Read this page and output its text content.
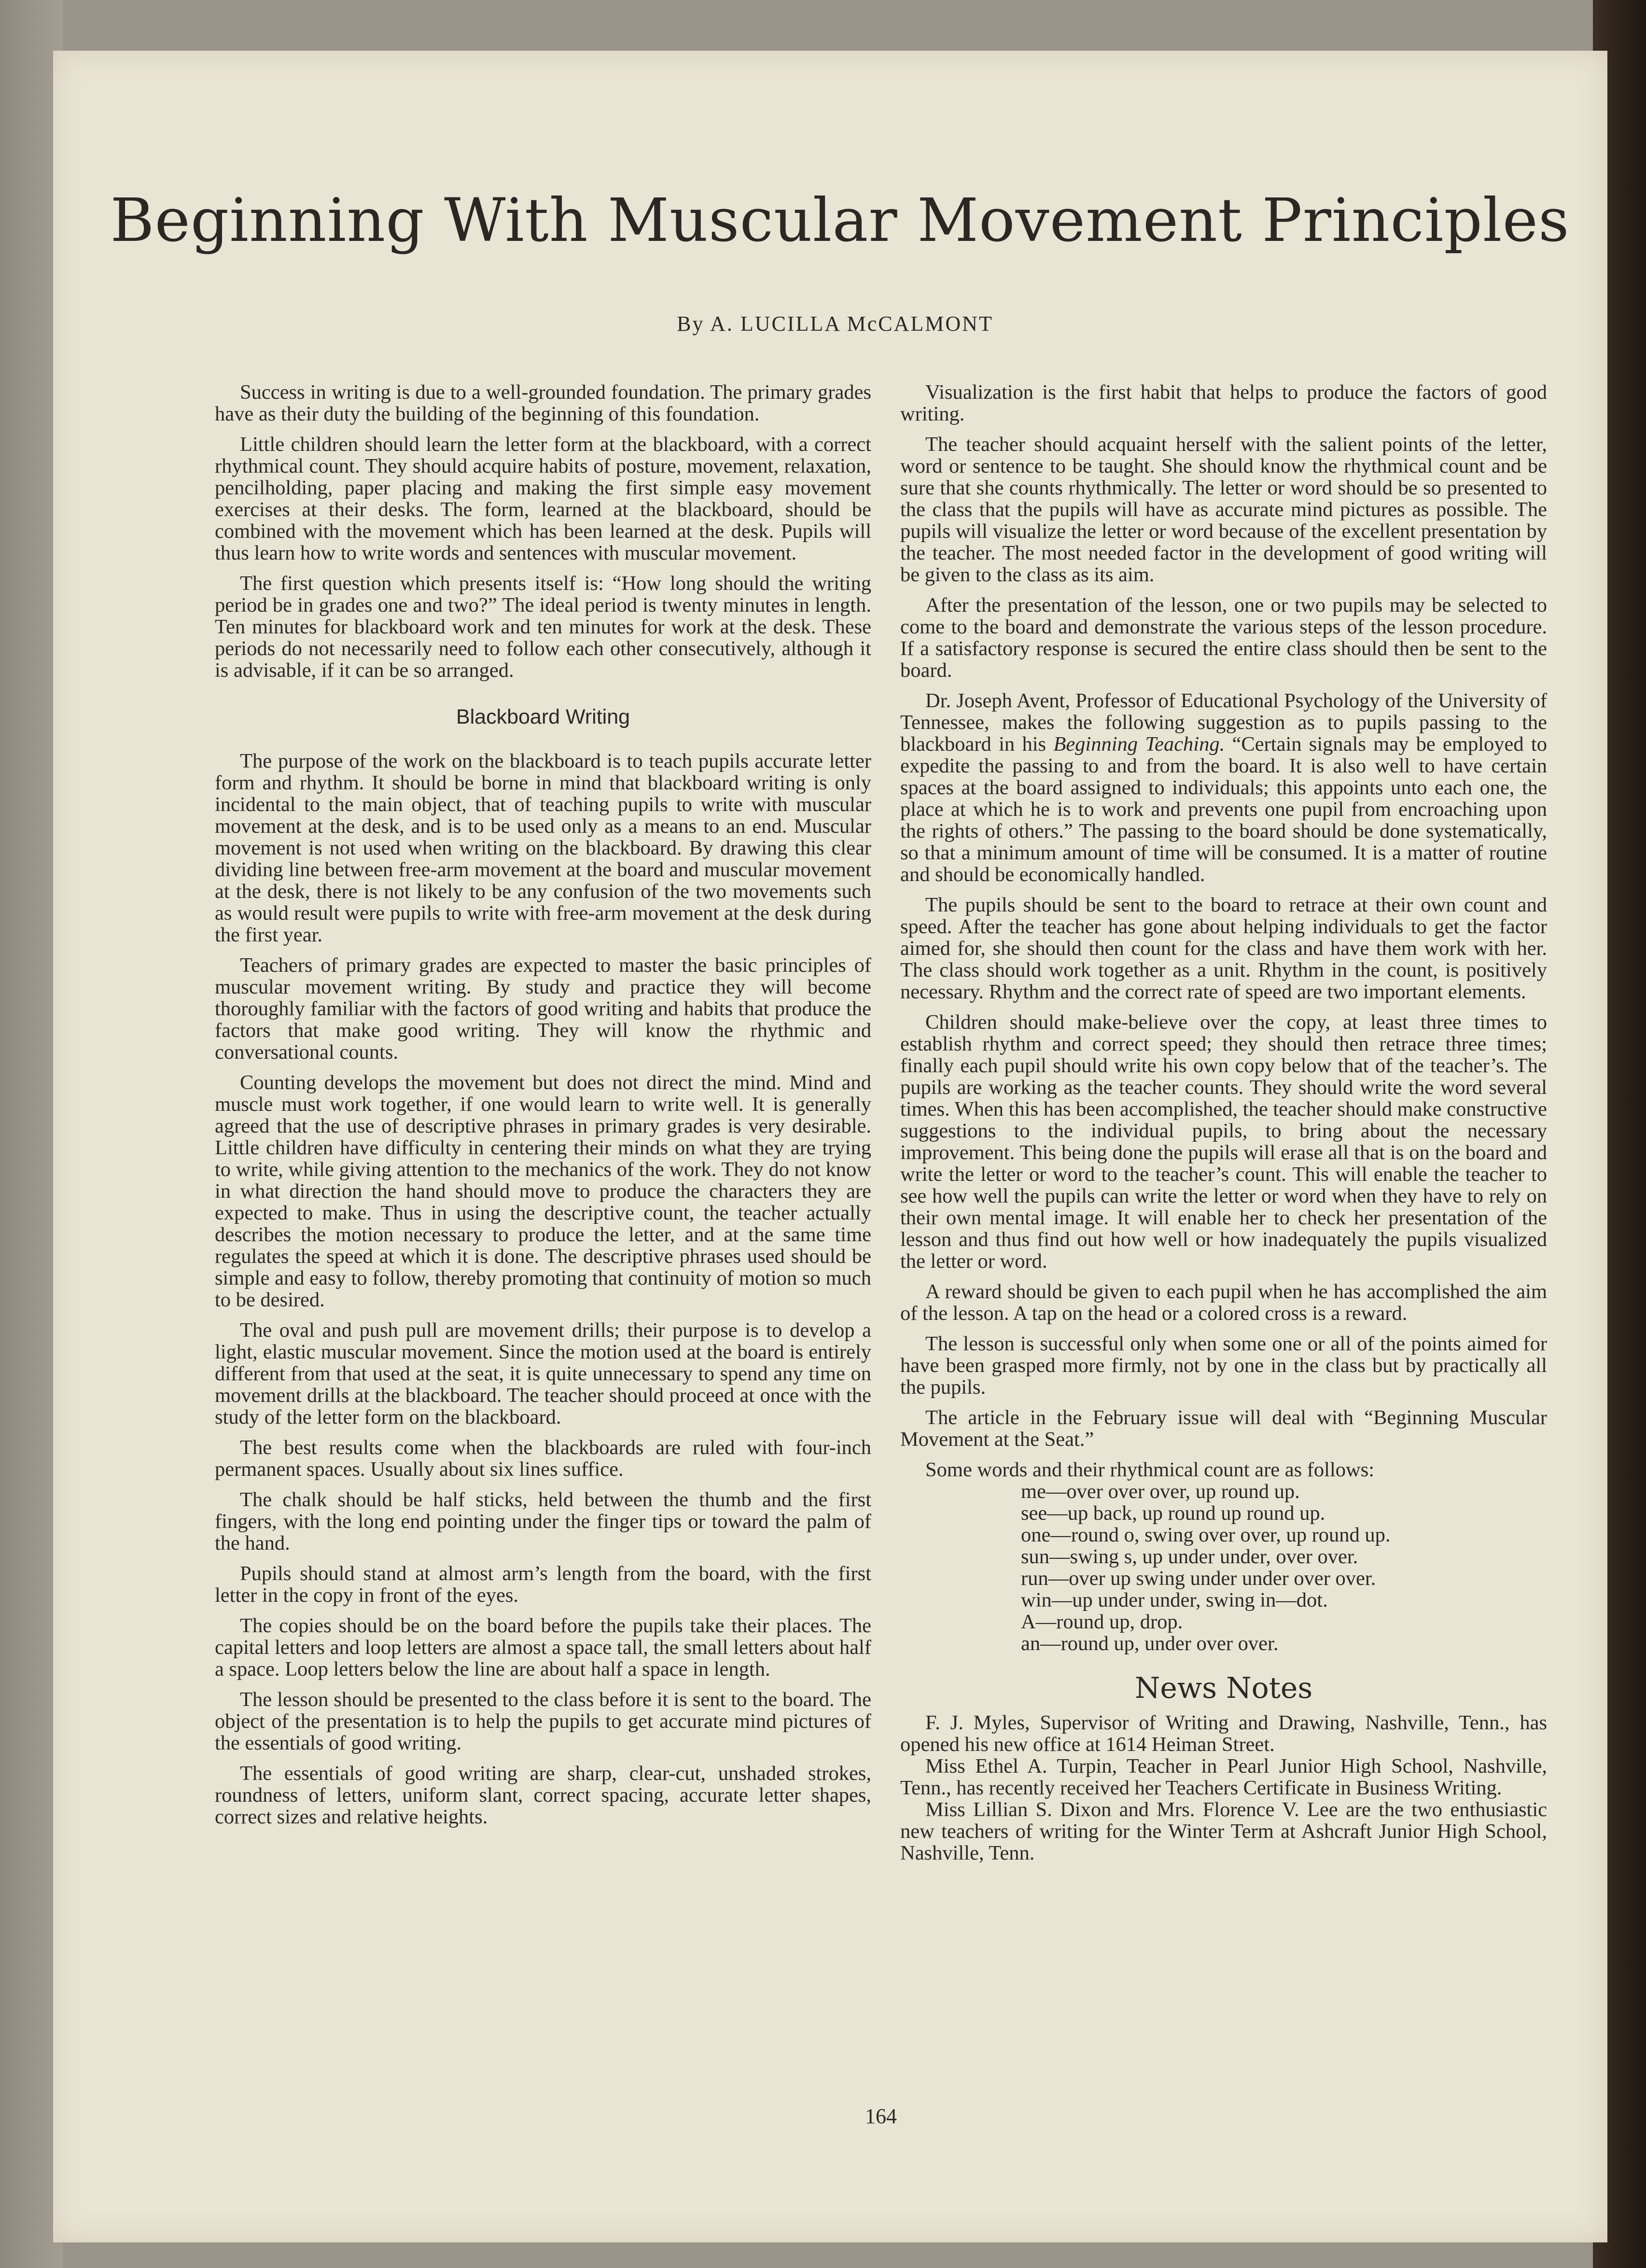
Beginning With Muscular Movement Principles
By A. LUCILLA McCALMONT

Success in writing is due to a well-grounded foundation. The primary grades have as their duty the building of the beginning of this foundation.

Little children should learn the letter form at the blackboard, with a correct rhythmical count. They should acquire habits of posture, movement, relaxation, pencilholding, paper placing and making the first simple easy movement exercises at their desks. The form, learned at the blackboard, should be combined with the movement which has been learned at the desk. Pupils will thus learn how to write words and sentences with muscular movement.

The first question which presents itself is: “How long should the writing period be in grades one and two?” The ideal period is twenty minutes in length. Ten minutes for blackboard work and ten minutes for work at the desk. These periods do not necessarily need to follow each other consecutively, although it is advisable, if it can be so arranged.

Blackboard Writing

The purpose of the work on the blackboard is to teach pupils accurate letter form and rhythm. It should be borne in mind that blackboard writing is only incidental to the main object, that of teaching pupils to write with muscular movement at the desk, and is to be used only as a means to an end. Muscular movement is not used when writing on the blackboard. By drawing this clear dividing line between free-arm movement at the board and muscular movement at the desk, there is not likely to be any confusion of the two movements such as would result were pupils to write with free-arm movement at the desk during the first year.

Teachers of primary grades are expected to master the basic principles of muscular movement writing. By study and practice they will become thoroughly familiar with the factors of good writing and habits that produce the factors that make good writing. They will know the rhythmic and conversational counts.

Counting develops the movement but does not direct the mind. Mind and muscle must work together, if one would learn to write well. It is generally agreed that the use of descriptive phrases in primary grades is very desirable. Little children have difficulty in centering their minds on what they are trying to write, while giving attention to the mechanics of the work. They do not know in what direction the hand should move to produce the characters they are expected to make. Thus in using the descriptive count, the teacher actually describes the motion necessary to produce the letter, and at the same time regulates the speed at which it is done. The descriptive phrases used should be simple and easy to follow, thereby promoting that continuity of motion so much to be desired.

The oval and push pull are movement drills; their purpose is to develop a light, elastic muscular movement. Since the motion used at the board is entirely different from that used at the seat, it is quite unnecessary to spend any time on movement drills at the blackboard. The teacher should proceed at once with the study of the letter form on the blackboard.

The best results come when the blackboards are ruled with four-inch permanent spaces. Usually about six lines suffice.

The chalk should be half sticks, held between the thumb and the first fingers, with the long end pointing under the finger tips or toward the palm of the hand.

Pupils should stand at almost arm’s length from the board, with the first letter in the copy in front of the eyes.

The copies should be on the board before the pupils take their places. The capital letters and loop letters are almost a space tall, the small letters about half a space. Loop letters below the line are about half a space in length.

The lesson should be presented to the class before it is sent to the board. The object of the presentation is to help the pupils to get accurate mind pictures of the essentials of good writing.

The essentials of good writing are sharp, clear-cut, unshaded strokes, roundness of letters, uniform slant, correct spacing, accurate letter shapes, correct sizes and relative heights.

Visualization is the first habit that helps to produce the factors of good writing.

The teacher should acquaint herself with the salient points of the letter, word or sentence to be taught. She should know the rhythmical count and be sure that she counts rhythmically. The letter or word should be so presented to the class that the pupils will have as accurate mind pictures as possible. The pupils will visualize the letter or word because of the excellent presentation by the teacher. The most needed factor in the development of good writing will be given to the class as its aim.

After the presentation of the lesson, one or two pupils may be selected to come to the board and demonstrate the various steps of the lesson procedure. If a satisfactory response is secured the entire class should then be sent to the board.

Dr. Joseph Avent, Professor of Educational Psychology of the University of Tennessee, makes the following suggestion as to pupils passing to the blackboard in his Beginning Teaching. “Certain signals may be employed to expedite the passing to and from the board. It is also well to have certain spaces at the board assigned to individuals; this appoints unto each one, the place at which he is to work and prevents one pupil from encroaching upon the rights of others.” The passing to the board should be done systematically, so that a minimum amount of time will be consumed. It is a matter of routine and should be economically handled.

The pupils should be sent to the board to retrace at their own count and speed. After the teacher has gone about helping individuals to get the factor aimed for, she should then count for the class and have them work with her. The class should work together as a unit. Rhythm in the count, is positively necessary. Rhythm and the correct rate of speed are two important elements.

Children should make-believe over the copy, at least three times to establish rhythm and correct speed; they should then retrace three times; finally each pupil should write his own copy below that of the teacher’s. The pupils are working as the teacher counts. They should write the word several times. When this has been accomplished, the teacher should make constructive suggestions to the individual pupils, to bring about the necessary improvement. This being done the pupils will erase all that is on the board and write the letter or word to the teacher’s count. This will enable the teacher to see how well the pupils can write the letter or word when they have to rely on their own mental image. It will enable her to check her presentation of the lesson and thus find out how well or how inadequately the pupils visualized the letter or word.

A reward should be given to each pupil when he has accomplished the aim of the lesson. A tap on the head or a colored cross is a reward.

The lesson is successful only when some one or all of the points aimed for have been grasped more firmly, not by one in the class but by practically all the pupils.

The article in the February issue will deal with “Beginning Muscular Movement at the Seat.”

Some words and their rhythmical count are as follows:

me—over over over, up round up.
see—up back, up round up round up.
one—round o, swing over over, up round up.
sun—swing s, up under under, over over.
run—over up swing under under over over.
win—up under under, swing in—dot.
A—round up, drop.
an—round up, under over over.
News Notes

F. J. Myles, Supervisor of Writing and Drawing, Nashville, Tenn., has opened his new office at 1614 Heiman Street.

Miss Ethel A. Turpin, Teacher in Pearl Junior High School, Nashville, Tenn., has recently received her Teachers Certificate in Business Writing.

Miss Lillian S. Dixon and Mrs. Florence V. Lee are the two enthusiastic new teachers of writing for the Winter Term at Ashcraft Junior High School, Nashville, Tenn.

164
